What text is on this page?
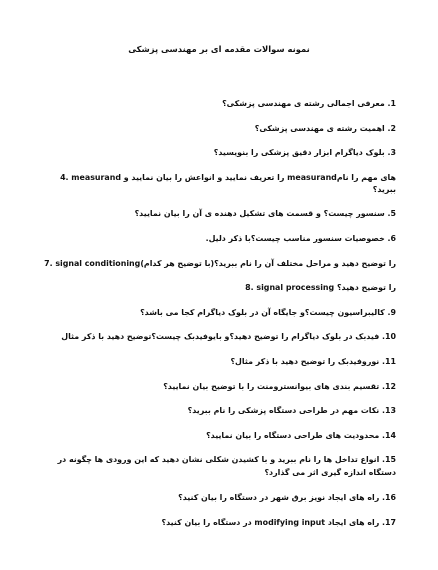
نمونه سوالات مقدمه ای بر مهندسی پزشکی
1. معرفی اجمالی رشته ی مهندسی پزشکی؟
2. اهمیت رشته ی مهندسی پزشکی؟
3. بلوک دیاگرام ابزار دقیق پزشکی را بنویسید؟
4. measurand را تعریف نمایید و انواعش را بیان نمایید و measurandهای مهم را نام ببرید؟
5. سنسور چیست؟ و قسمت های تشکیل دهنده ی آن را بیان نمایید؟
6. خصوصیات سنسور مناسب چیست؟با ذکر دلیل.
7. signal conditioningرا توضیح دهید و مراحل مختلف آن را نام ببرید؟(با توضیح هر کدام)
8. signal processing را توضیح دهید؟
9. کالیبراسیون چیست؟و جایگاه آن در بلوک دیاگرام کجا می باشد؟
10. فیدبک در بلوک دیاگرام را توضیح دهید؟و بایوفیدبک چیست؟توضیح دهید با ذکر مثال
11. نوروفیدبک را توضیح دهید با ذکر مثال؟
12. تقسیم بندی های بیوانسترومنت را با توضیح بیان نمایید؟
13. نکات مهم در طراحی دستگاه پزشکی را نام ببرید؟
14. محدودیت های طراحی دستگاه را بیان نمایید؟
15. انواع تداخل ها را نام ببرید و با کشیدن شکلی نشان دهید که این ورودی ها چگونه در دستگاه اندازه گیری اثر می گذارد؟
16. راه های ایجاد نویز برق شهر در دستگاه را بیان کنید؟
17. راه های ایجاد modifying input در دستگاه را بیان کنید؟
